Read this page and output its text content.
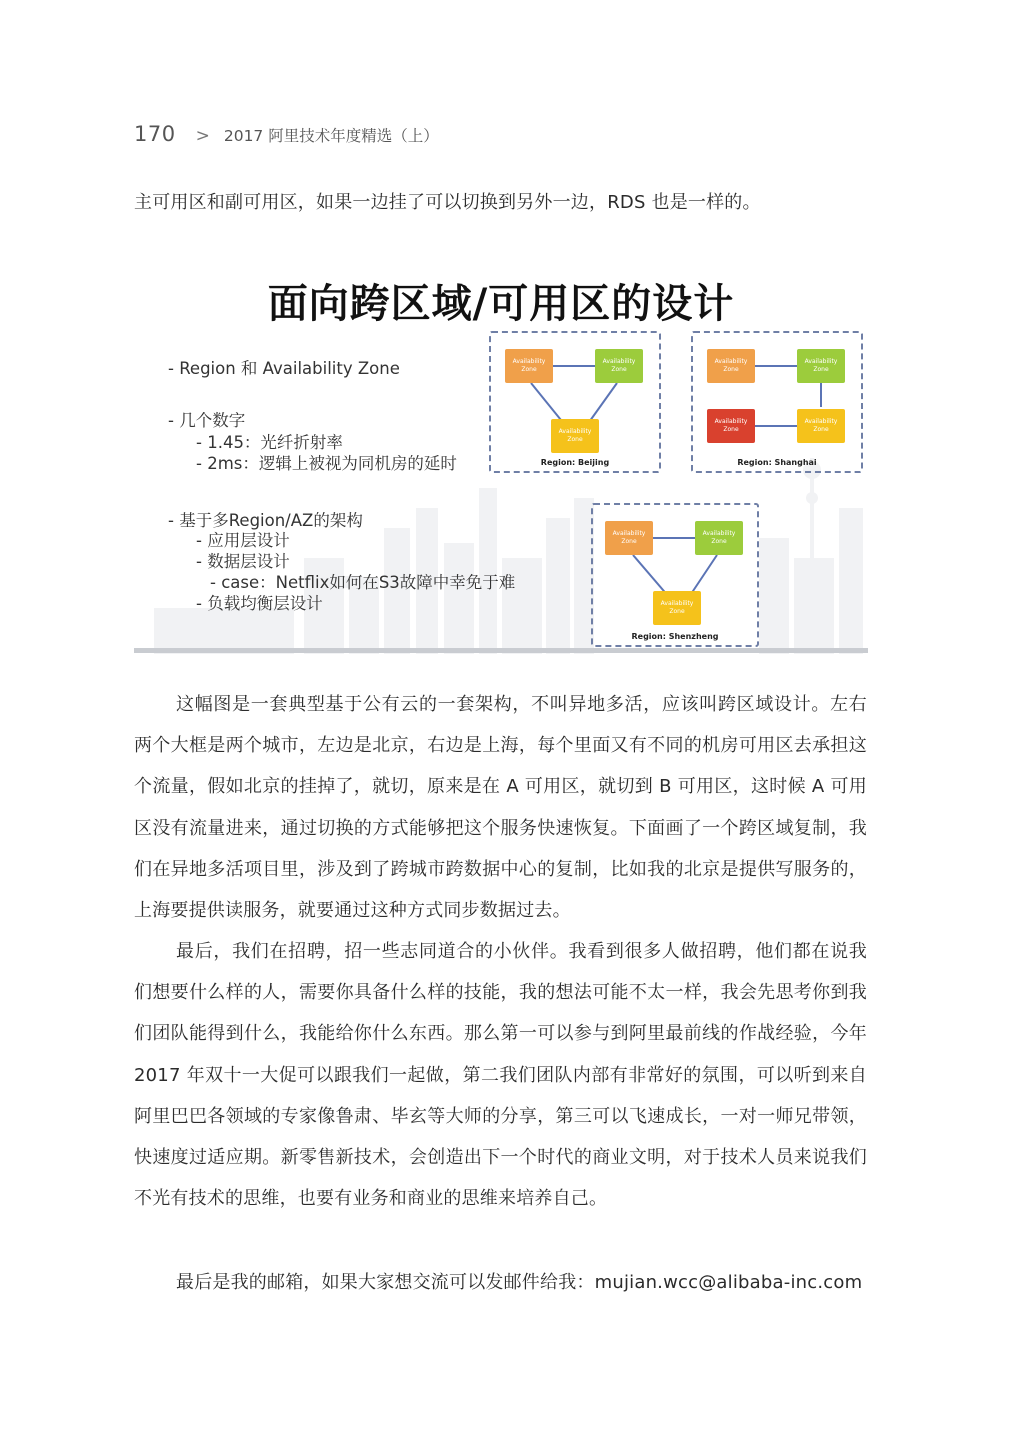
170 > 2017 阿里技术年度精选（上）

主可用区和副可用区，如果一边挂了可以切换到另外一边，RDS 也是一样的。

面向跨区域/可用区的设计
- Region 和 Availability Zone
- 几个数字
- 1.45：光纤折射率
- 2ms：逻辑上被视为同机房的延时
- 基于多Region/AZ的架构
- 应用层设计
- 数据层设计
- case：Netflix如何在S3故障中幸免于难
- 负载均衡层设计
Availability Zone
Availability Zone
Availability Zone
Region: Beijing
Availability Zone
Availability Zone
Availability Zone
Availability Zone
Region: Shanghai
Availability Zone
Availability Zone
Availability Zone
Region: Shenzheng

这幅图是一套典型基于公有云的一套架构，不叫异地多活，应该叫跨区域设计。左右两个大框是两个城市，左边是北京，右边是上海，每个里面又有不同的机房可用区去承担这个流量，假如北京的挂掉了，就切，原来是在 A 可用区，就切到 B 可用区，这时候 A 可用区没有流量进来，通过切换的方式能够把这个服务快速恢复。下面画了一个跨区域复制，我们在异地多活项目里，涉及到了跨城市跨数据中心的复制，比如我的北京是提供写服务的，上海要提供读服务，就要通过这种方式同步数据过去。

最后，我们在招聘，招一些志同道合的小伙伴。我看到很多人做招聘，他们都在说我们想要什么样的人，需要你具备什么样的技能，我的想法可能不太一样，我会先思考你到我们团队能得到什么，我能给你什么东西。那么第一可以参与到阿里最前线的作战经验，今年 2017 年双十一大促可以跟我们一起做，第二我们团队内部有非常好的氛围，可以听到来自阿里巴巴各领域的专家像鲁肃、毕玄等大师的分享，第三可以飞速成长，一对一师兄带领，快速度过适应期。新零售新技术，会创造出下一个时代的商业文明，对于技术人员来说我们不光有技术的思维，也要有业务和商业的思维来培养自己。

最后是我的邮箱，如果大家想交流可以发邮件给我：mujian.wcc@alibaba-inc.com
